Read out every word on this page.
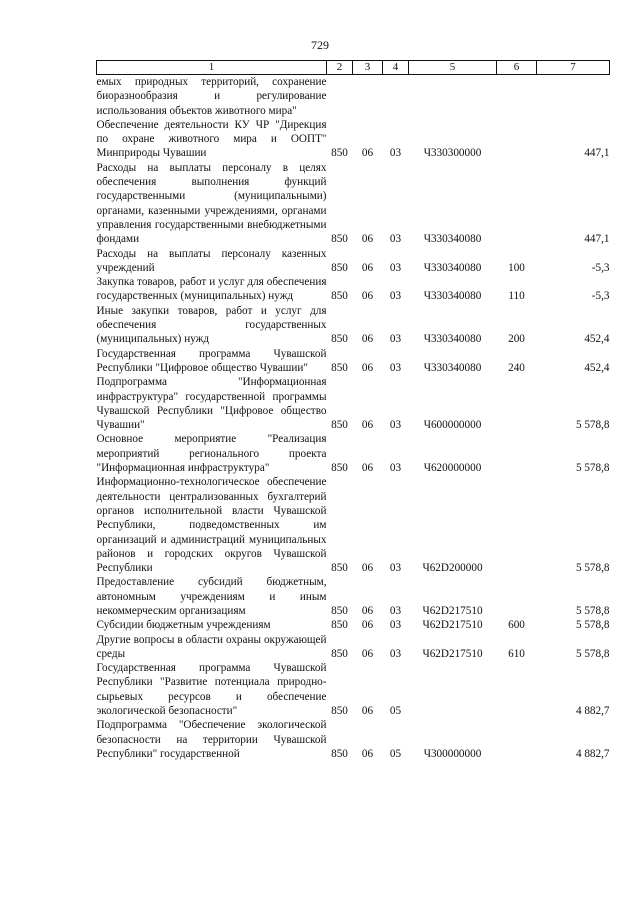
729
1	2	3	4	5	6	7
емых природных территорий, сохранение биоразнообразия и регулирование использования объектов животного мира"						
Обеспечение деятельности КУ ЧР "Дирекция по охране животного мира и ООПТ" Минприроды Чувашии	850	06	03	Ч330300000		447,1
Расходы на выплаты персоналу в целях обеспечения выполнения функций государственными (муниципальными) органами, казенными учреждениями, органами управления государственными внебюджетными фондами	850	06	03	Ч330340080		447,1
Расходы на выплаты персоналу казенных учреждений	850	06	03	Ч330340080	100	-5,3
Закупка товаров, работ и услуг для обеспечения государственных (муниципальных) нужд	850	06	03	Ч330340080	110	-5,3
Иные закупки товаров, работ и услуг для обеспечения государственных (муниципальных) нужд	850	06	03	Ч330340080	200	452,4
Государственная программа Чувашской Республики "Цифровое общество Чувашии"	850	06	03	Ч330340080	240	452,4
Подпрограмма "Информационная инфраструктура" государственной программы Чувашской Республики "Цифровое общество Чувашии"	850	06	03	Ч600000000		5 578,8
Основное мероприятие "Реализация мероприятий регионального проекта "Информационная инфраструктура"	850	06	03	Ч620000000		5 578,8
Информационно-технологическое обеспечение деятельности централизованных бухгалтерий органов исполнительной власти Чувашской Республики, подведомственных им организаций и администраций муниципальных районов и городских округов Чувашской Республики	850	06	03	Ч62D200000		5 578,8
Предоставление субсидий бюджетным, автономным учреждениям и иным некоммерческим организациям	850	06	03	Ч62D217510		5 578,8
Субсидии бюджетным учреждениям	850	06	03	Ч62D217510	600	5 578,8
Другие вопросы в области охраны окружающей среды	850	06	03	Ч62D217510	610	5 578,8
Государственная программа Чувашской Республики "Развитие потенциала природно-сырьевых ресурсов и обеспечение экологической безопасности"	850	06	05			4 882,7
Подпрограмма "Обеспечение экологической безопасности на территории Чувашской Республики" государственной	850	06	05	Ч300000000		4 882,7
